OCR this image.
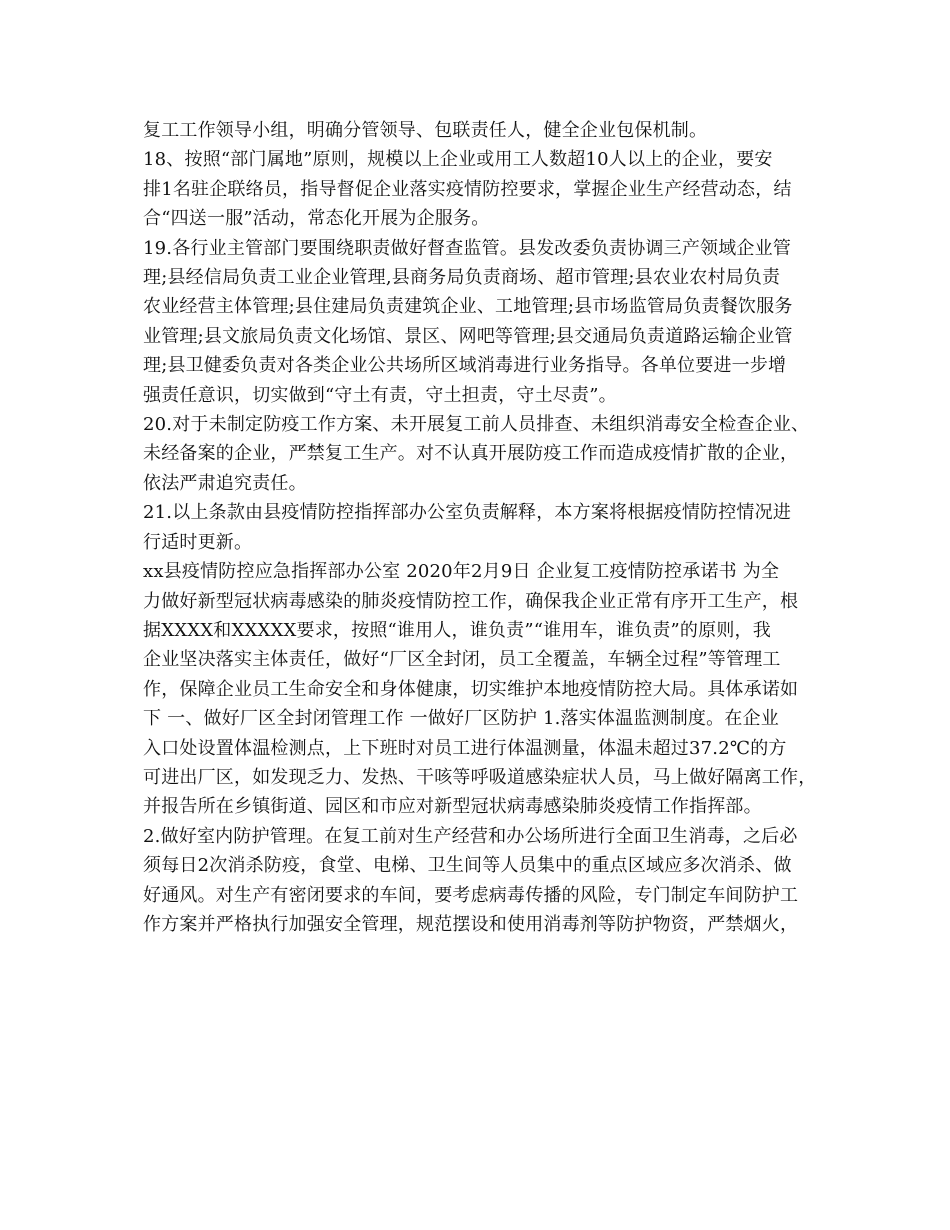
复工工作领导小组，明确分管领导、包联责任人，健全企业包保机制。
18、按照“部门属地”原则，规模以上企业或用工人数超10人以上的企业，要安
排1名驻企联络员，指导督促企业落实疫情防控要求，掌握企业生产经营动态，结
合“四送一服”活动，常态化开展为企服务。
19.各行业主管部门要围绕职责做好督查监管。县发改委负责协调三产领域企业管
理;县经信局负责工业企业管理,县商务局负责商场、超市管理;县农业农村局负责
农业经营主体管理;县住建局负责建筑企业、工地管理;县市场监管局负责餐饮服务
业管理;县文旅局负责文化场馆、景区、网吧等管理;县交通局负责道路运输企业管
理;县卫健委负责对各类企业公共场所区域消毒进行业务指导。各单位要进一步增
强责任意识，切实做到“守土有责，守土担责，守土尽责”。
20.对于未制定防疫工作方案、未开展复工前人员排查、未组织消毒安全检查企业、
未经备案的企业，严禁复工生产。对不认真开展防疫工作而造成疫情扩散的企业，
依法严肃追究责任。
21.以上条款由县疫情防控指挥部办公室负责解释，本方案将根据疫情防控情况进
行适时更新。
xx县疫情防控应急指挥部办公室 2020年2月9日 企业复工疫情防控承诺书 为全
力做好新型冠状病毒感染的肺炎疫情防控工作，确保我企业正常有序开工生产，根
据XXXX和XXXXX要求，按照“谁用人，谁负责”“谁用车，谁负责”的原则，我
企业坚决落实主体责任，做好“厂区全封闭，员工全覆盖，车辆全过程”等管理工
作，保障企业员工生命安全和身体健康，切实维护本地疫情防控大局。具体承诺如
下 一、做好厂区全封闭管理工作 一做好厂区防护 1.落实体温监测制度。在企业
入口处设置体温检测点，上下班时对员工进行体温测量，体温未超过37.2℃的方
可进出厂区，如发现乏力、发热、干咳等呼吸道感染症状人员，马上做好隔离工作，
并报告所在乡镇街道、园区和市应对新型冠状病毒感染肺炎疫情工作指挥部。
2.做好室内防护管理。在复工前对生产经营和办公场所进行全面卫生消毒，之后必
须每日2次消杀防疫，食堂、电梯、卫生间等人员集中的重点区域应多次消杀、做
好通风。对生产有密闭要求的车间，要考虑病毒传播的风险，专门制定车间防护工
作方案并严格执行加强安全管理，规范摆设和使用消毒剂等防护物资，严禁烟火，
